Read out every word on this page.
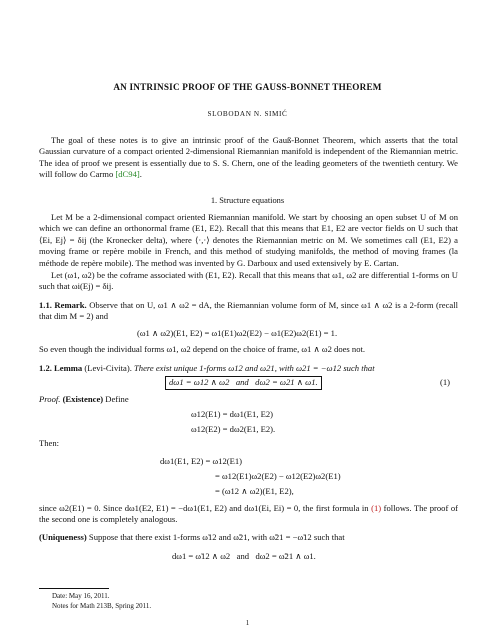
AN INTRINSIC PROOF OF THE GAUSS-BONNET THEOREM
SLOBODAN N. SIMIĆ
The goal of these notes is to give an intrinsic proof of the Gauß-Bonnet Theorem, which asserts that the total Gaussian curvature of a compact oriented 2-dimensional Riemannian manifold is independent of the Riemannian metric. The idea of proof we present is essentially due to S. S. Chern, one of the leading geometers of the twentieth century. We will follow do Carmo [dC94].
1. Structure equations
Let M be a 2-dimensional compact oriented Riemannian manifold. We start by choosing an open subset U of M on which we can define an orthonormal frame (E1, E2). Recall that this means that E1, E2 are vector fields on U such that ⟨Ei, Ej⟩ = δij (the Kronecker delta), where ⟨·,·⟩ denotes the Riemannian metric on M. We sometimes call (E1, E2) a moving frame or repère mobile in French, and this method of studying manifolds, the method of moving frames (la méthode de repère mobile). The method was invented by G. Darboux and used extensively by E. Cartan.
Let (ω1, ω2) be the coframe associated with (E1, E2). Recall that this means that ω1, ω2 are differential 1-forms on U such that ωi(Ej) = δij.
1.1. Remark. Observe that on U, ω1 ∧ ω2 = dA, the Riemannian volume form of M, since ω1 ∧ ω2 is a 2-form (recall that dim M = 2) and
(ω1 ∧ ω2)(E1, E2) = ω1(E1)ω2(E2) − ω1(E2)ω2(E1) = 1.
So even though the individual forms ω1, ω2 depend on the choice of frame, ω1 ∧ ω2 does not.
1.2. Lemma (Levi-Civita). There exist unique 1-forms ω12 and ω21, with ω21 = −ω12 such that
dω1 = ω12 ∧ ω2   and   dω2 = ω21 ∧ ω1.	(1)
Proof. (Existence) Define
ω12(E1) = dω1(E1, E2)
ω12(E2) = dω2(E1, E2).
Then:
dω1(E1, E2) = ω12(E1)
= ω12(E1)ω2(E2) − ω12(E2)ω2(E1)
= (ω12 ∧ ω2)(E1, E2),
since ω2(E1) = 0. Since dω1(E2, E1) = −dω1(E1, E2) and dω1(Ei, Ei) = 0, the first formula in (1) follows. The proof of the second one is completely analogous.
(Uniqueness) Suppose that there exist 1-forms ω̃12 and ω̃21, with ω̃21 = −ω̃12 such that
dω1 = ω̃12 ∧ ω2   and   dω2 = ω̃21 ∧ ω1.
Date: May 16, 2011.
Notes for Math 213B, Spring 2011.
1
